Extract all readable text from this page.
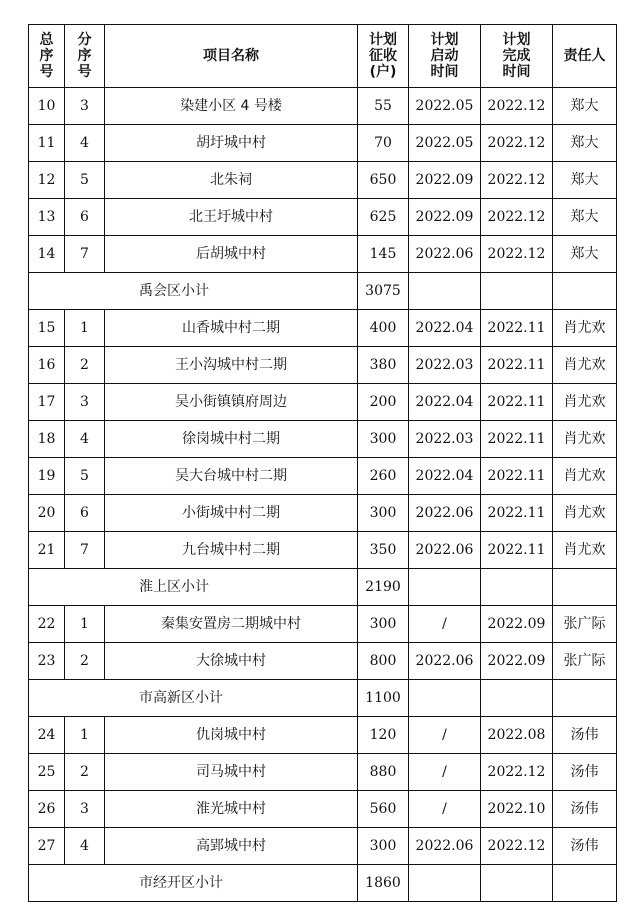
总
序
号	分
序
号	项目名称	计划
征收
(户)	计划
启动
时间	计划
完成
时间	责任人
10	3	染建小区 4 号楼	55	2022.05	2022.12	郑大
11	4	胡圩城中村	70	2022.05	2022.12	郑大
12	5	北朱祠	650	2022.09	2022.12	郑大
13	6	北王圩城中村	625	2022.09	2022.12	郑大
14	7	后胡城中村	145	2022.06	2022.12	郑大
禹会区小计			3075			
15	1	山香城中村二期	400	2022.04	2022.11	肖尤欢
16	2	王小沟城中村二期	380	2022.03	2022.11	肖尤欢
17	3	吴小街镇镇府周边	200	2022.04	2022.11	肖尤欢
18	4	徐岗城中村二期	300	2022.03	2022.11	肖尤欢
19	5	吴大台城中村二期	260	2022.04	2022.11	肖尤欢
20	6	小街城中村二期	300	2022.06	2022.11	肖尤欢
21	7	九台城中村二期	350	2022.06	2022.11	肖尤欢
淮上区小计			2190			
22	1	秦集安置房二期城中村	300	/	2022.09	张广际
23	2	大徐城中村	800	2022.06	2022.09	张广际
市高新区小计			1100			
24	1	仇岗城中村	120	/	2022.08	汤伟
25	2	司马城中村	880	/	2022.12	汤伟
26	3	淮光城中村	560	/	2022.10	汤伟
27	4	高郢城中村	300	2022.06	2022.12	汤伟
市经开区小计			1860			
